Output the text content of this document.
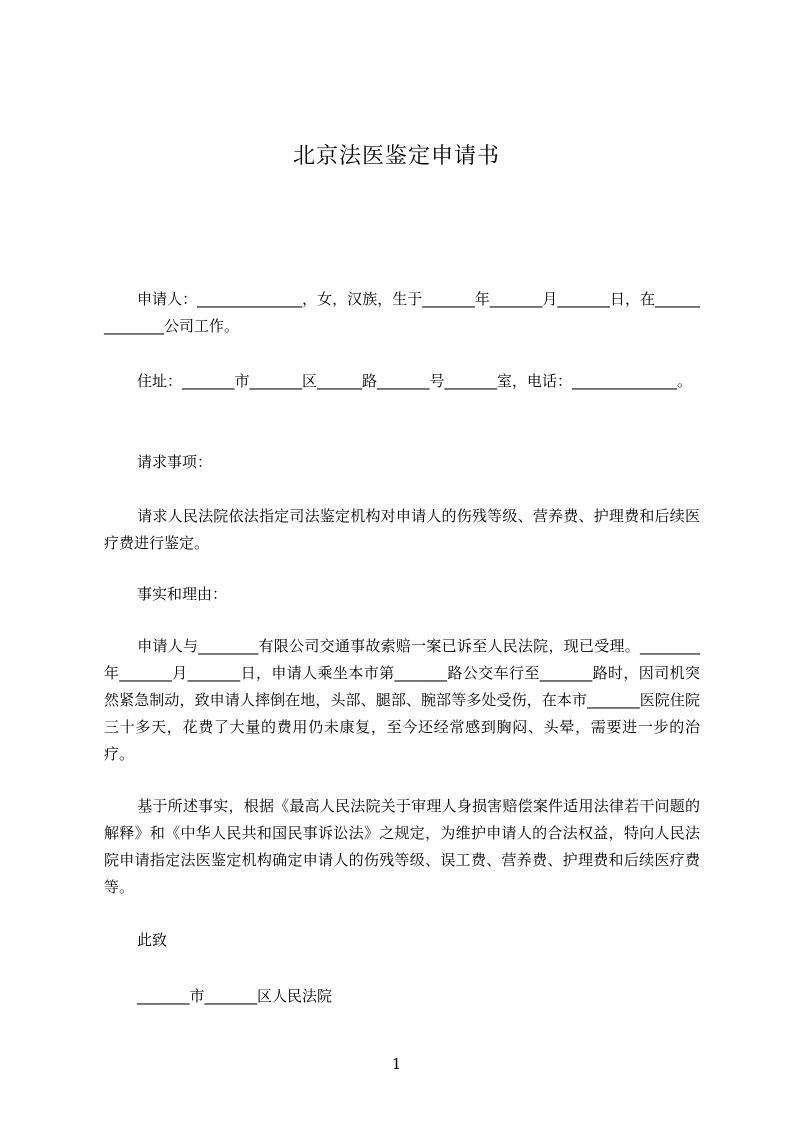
北京法医鉴定申请书
申请人：______________，女，汉族，生于_______年_______月_______日，在______________公司工作。
住址：_______市_______区______路_______号_______室，电话：______________。
请求事项：
请求人民法院依法指定司法鉴定机构对申请人的伤残等级、营养费、护理费和后续医疗费进行鉴定。
事实和理由：
申请人与________有限公司交通事故索赔一案已诉至人民法院，现已受理。________年_______月_______日，申请人乘坐本市第_______路公交车行至_______路时，因司机突然紧急制动，致申请人摔倒在地，头部、腿部、腕部等多处受伤，在本市_______医院住院三十多天，花费了大量的费用仍未康复，至今还经常感到胸闷、头晕，需要进一步的治疗。
基于所述事实，根据《最高人民法院关于审理人身损害赔偿案件适用法律若干问题的解释》和《中华人民共和国民事诉讼法》之规定，为维护申请人的合法权益，特向人民法院申请指定法医鉴定机构确定申请人的伤残等级、误工费、营养费、护理费和后续医疗费等。
此致
_______市_______区人民法院
1
